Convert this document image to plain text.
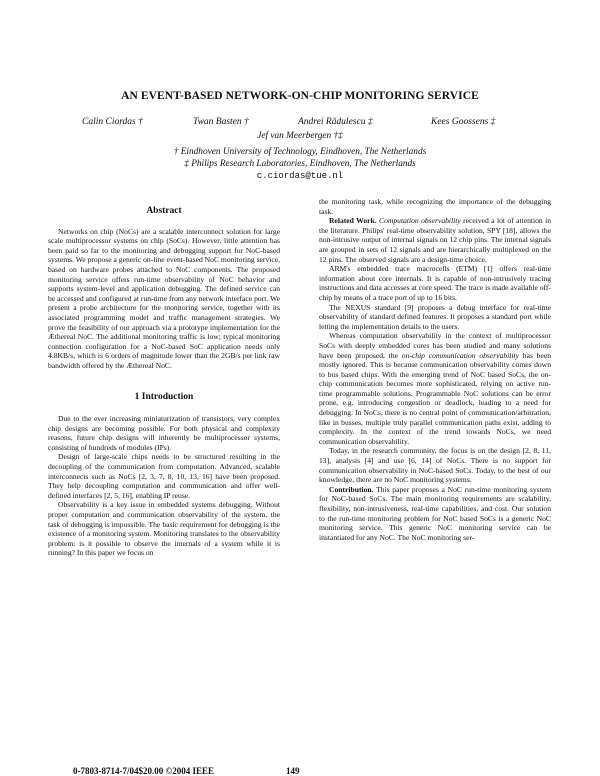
AN EVENT-BASED NETWORK-ON-CHIP MONITORING SERVICE
Calin Ciordas †	Twan Basten †	Andrei Rădulescu ‡	Kees Goossens ‡
Jef van Meerbergen †‡
† Eindhoven University of Technology, Eindhoven, The Netherlands
‡ Philips Research Laboratories, Eindhoven, The Netherlands
c.ciordas@tue.nl
Abstract

Networks on chip (NoCs) are a scalable interconnect solution for large scale multiprocessor systems on chip (SoCs). However, little attention has been paid so far to the monitoring and debugging support for NoC-based systems. We propose a generic on-line event-based NoC monitoring service, based on hardware probes attached to NoC components. The proposed monitoring service offers run-time observability of NoC behavior and supports system-level and application debugging. The defined service can be accessed and configured at run-time from any network interface port. We present a probe architecture for the monitoring service, together with its associated programming model and traffic management strategies. We prove the feasibility of our approach via a prototype implementation for the Æthereal NoC. The additional monitoring traffic is low; typical monitoring connection configuration for a NoC-based SoC application needs only 4.8KB/s, which is 6 orders of magnitude lower than the 2GB/s per link raw bandwidth offered by the Æthereal NoC.

1 Introduction

Due to the ever increasing miniaturization of transistors, very complex chip designs are becoming possible. For both physical and complexity reasons, future chip designs will inherently be multiprocessor systems, consisting of hundreds of modules (IPs).

Design of large-scale chips needs to be structured resulting in the decoupling of the communication from computation. Advanced, scalable interconnects such as NoCs [2, 3, 7, 8, 10, 13, 16] have been proposed. They help decoupling computation and communication and offer well-defined interfaces [2, 5, 16], enabling IP reuse.

Observability is a key issue in embedded systems debugging. Without proper computation and communication observability of the system, the task of debugging is impossible. The basic requirement for debugging is the existence of a monitoring system. Monitoring translates to the observability problem: is it possible to observe the internals of a system while it is running? In this paper we focus on

the monitoring task, while recognizing the importance of the debugging task.

Related Work. Computation observability received a lot of attention in the literature. Philips' real-time observability solution, SPY [18], allows the non-intrusive output of internal signals on 12 chip pins. The internal signals are grouped in sets of 12 signals and are hierarchically multiplexed on the 12 pins. The observed signals are a design-time choice.

ARM's embedded trace macrocells (ETM) [1] offers real-time information about core internals. It is capable of non-intrusively tracing instructions and data accesses at core speed. The trace is made available off-chip by means of a trace port of up to 16 bits.

The NEXUS standard [9] proposes a debug interface for real-time observability of standard defined features. It proposes a standard port while letting the implementation details to the users.

Whereas computation observability in the context of multiprocessor SoCs with deeply embedded cores has been studied and many solutions have been proposed, the on-chip communication observability has been mostly ignored. This is because communication observability comes down to bus based chips. With the emerging trend of NoC based SoCs, the on-chip communication becomes more sophisticated, relying on active run-time programmable solutions. Programmable NoC solutions can be error prone, e.g. introducing congestion or deadlock, leading to a need for debugging. In NoCs, there is no central point of communication/arbitration, like in busses, multiple truly parallel communication paths exist, adding to complexity. In the context of the trend towards NoCs, we need communication observability.

Today, in the research community, the focus is on the design [2, 8, 11, 13], analysis [4] and use [6, 14] of NoCs. There is no support for communication observability in NoC-based SoCs. Today, to the best of our knowledge, there are no NoC monitoring systems.

Contribution. This paper proposes a NoC run-time monitoring system for NoC-based SoCs. The main monitoring requirements are scalability, flexibility, non-intrusiveness, real-time capabilities, and cost. Our solution to the run-time monitoring problem for NoC based SoCs is a generic NoC monitoring service. This generic NoC monitoring service can be instantiated for any NoC. The NoC monitoring ser-

0-7803-8714-7/04$20.00 ©2004 IEEE	149
